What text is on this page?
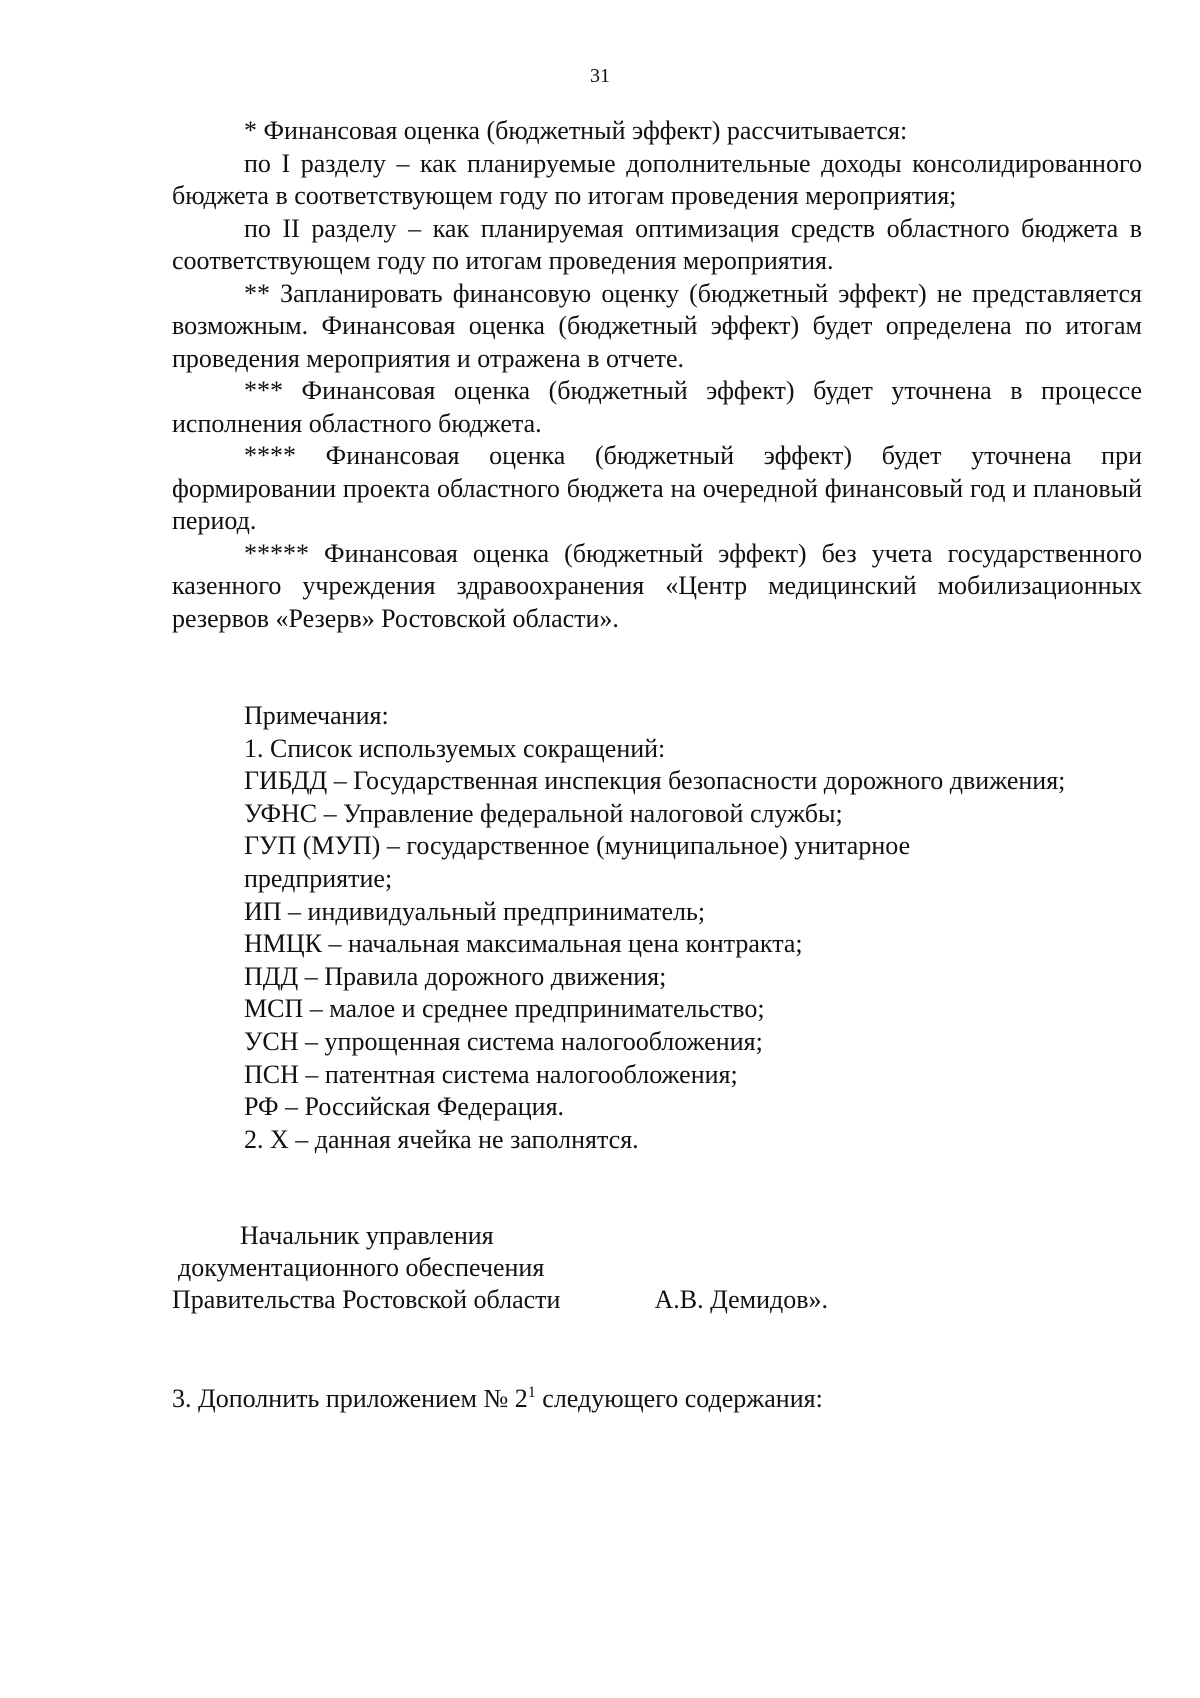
31

* Финансовая оценка (бюджетный эффект) рассчитывается:

по I разделу – как планируемые дополнительные доходы консолидированного бюджета в соответствующем году по итогам проведения мероприятия;

по II разделу – как планируемая оптимизация средств областного бюджета в соответствующем году по итогам проведения мероприятия.

** Запланировать финансовую оценку (бюджетный эффект) не представляется возможным. Финансовая оценка (бюджетный эффект) будет определена по итогам проведения мероприятия и отражена в отчете.

*** Финансовая оценка (бюджетный эффект) будет уточнена в процессе исполнения областного бюджета.

**** Финансовая оценка (бюджетный эффект) будет уточнена при формировании проекта областного бюджета на очередной финансовый год и плановый период.

***** Финансовая оценка (бюджетный эффект) без учета государственного казенного учреждения здравоохранения «Центр медицинский мобилизационных резервов «Резерв» Ростовской области».

Примечания:

1. Список используемых сокращений:

ГИБДД – Государственная инспекция безопасности дорожного движения;

УФНС – Управление федеральной налоговой службы;

ГУП (МУП) – государственное (муниципальное) унитарное предприятие;

ИП – индивидуальный предприниматель;

НМЦК – начальная максимальная цена контракта;

ПДД – Правила дорожного движения;

МСП – малое и среднее предпринимательство;

УСН – упрощенная система налогообложения;

ПСН – патентная система налогообложения;

РФ – Российская Федерация.

2. Х – данная ячейка не заполнятся.

Начальник управления

документационного обеспечения

Правительства Ростовской области	А.В. Демидов».
3. Дополнить приложением № $2^1$ следующего содержания:
